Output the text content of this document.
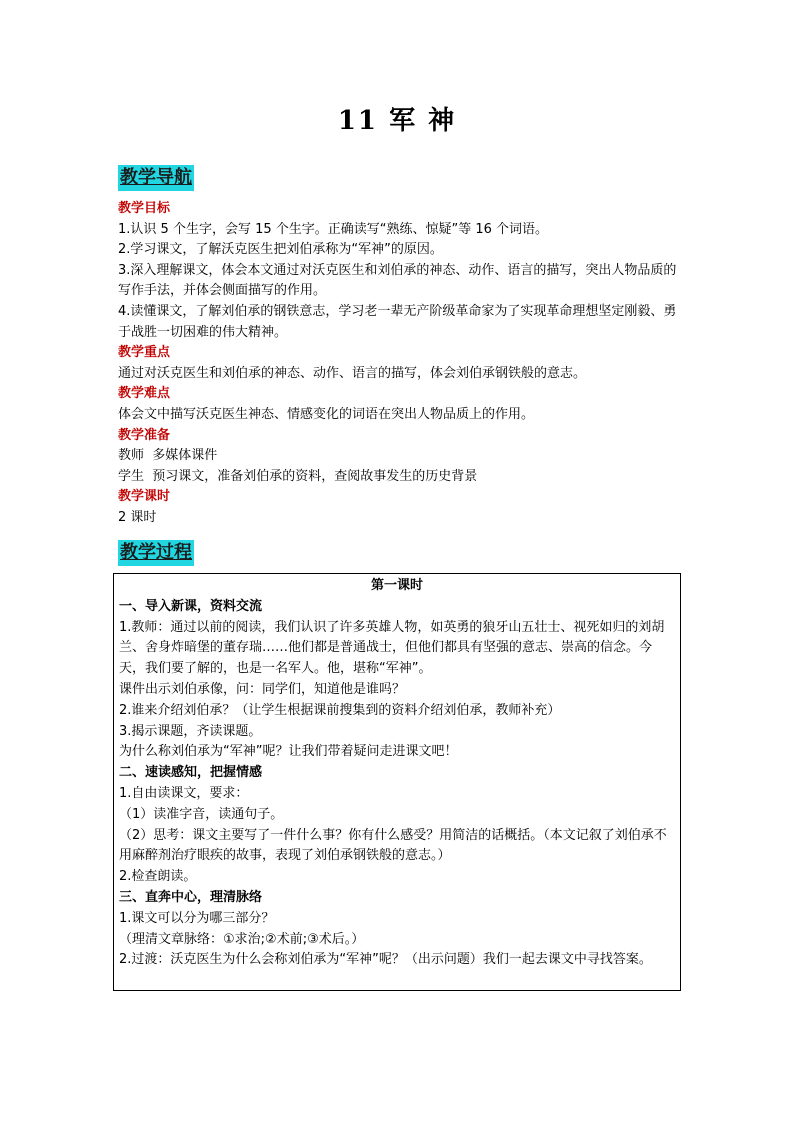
11 军 神
教学导航
教学目标
1.认识 5 个生字，会写 15 个生字。正确读写“熟练、惊疑”等 16 个词语。
2.学习课文，了解沃克医生把刘伯承称为“军神”的原因。
3.深入理解课文，体会本文通过对沃克医生和刘伯承的神态、动作、语言的描写，突出人物品质的写作手法，并体会侧面描写的作用。
4.读懂课文，了解刘伯承的钢铁意志，学习老一辈无产阶级革命家为了实现革命理想坚定刚毅、勇于战胜一切困难的伟大精神。
教学重点
通过对沃克医生和刘伯承的神态、动作、语言的描写，体会刘伯承钢铁般的意志。
教学难点
体会文中描写沃克医生神态、情感变化的词语在突出人物品质上的作用。
教学准备
教师  多媒体课件
学生  预习课文，准备刘伯承的资料，查阅故事发生的历史背景
教学课时
2 课时
教学过程
第一课时
一、导入新课，资料交流
1.教师：通过以前的阅读，我们认识了许多英雄人物，如英勇的狼牙山五壮士、视死如归的刘胡兰、舍身炸暗堡的董存瑞……他们都是普通战士，但他们都具有坚强的意志、崇高的信念。今天，我们要了解的，也是一名军人。他，堪称“军神”。
课件出示刘伯承像，问：同学们，知道他是谁吗？
2.谁来介绍刘伯承？（让学生根据课前搜集到的资料介绍刘伯承，教师补充）
3.揭示课题，齐读课题。
为什么称刘伯承为“军神”呢？让我们带着疑问走进课文吧！
二、速读感知，把握情感
1.自由读课文，要求：
（1）读准字音，读通句子。
（2）思考：课文主要写了一件什么事？你有什么感受？用简洁的话概括。（本文记叙了刘伯承不用麻醉剂治疗眼疾的故事，表现了刘伯承钢铁般的意志。）
2.检查朗读。
三、直奔中心，理清脉络
1.课文可以分为哪三部分？
（理清文章脉络：①求治;②术前;③术后。）
2.过渡：沃克医生为什么会称刘伯承为“军神”呢？（出示问题）我们一起去课文中寻找答案。
